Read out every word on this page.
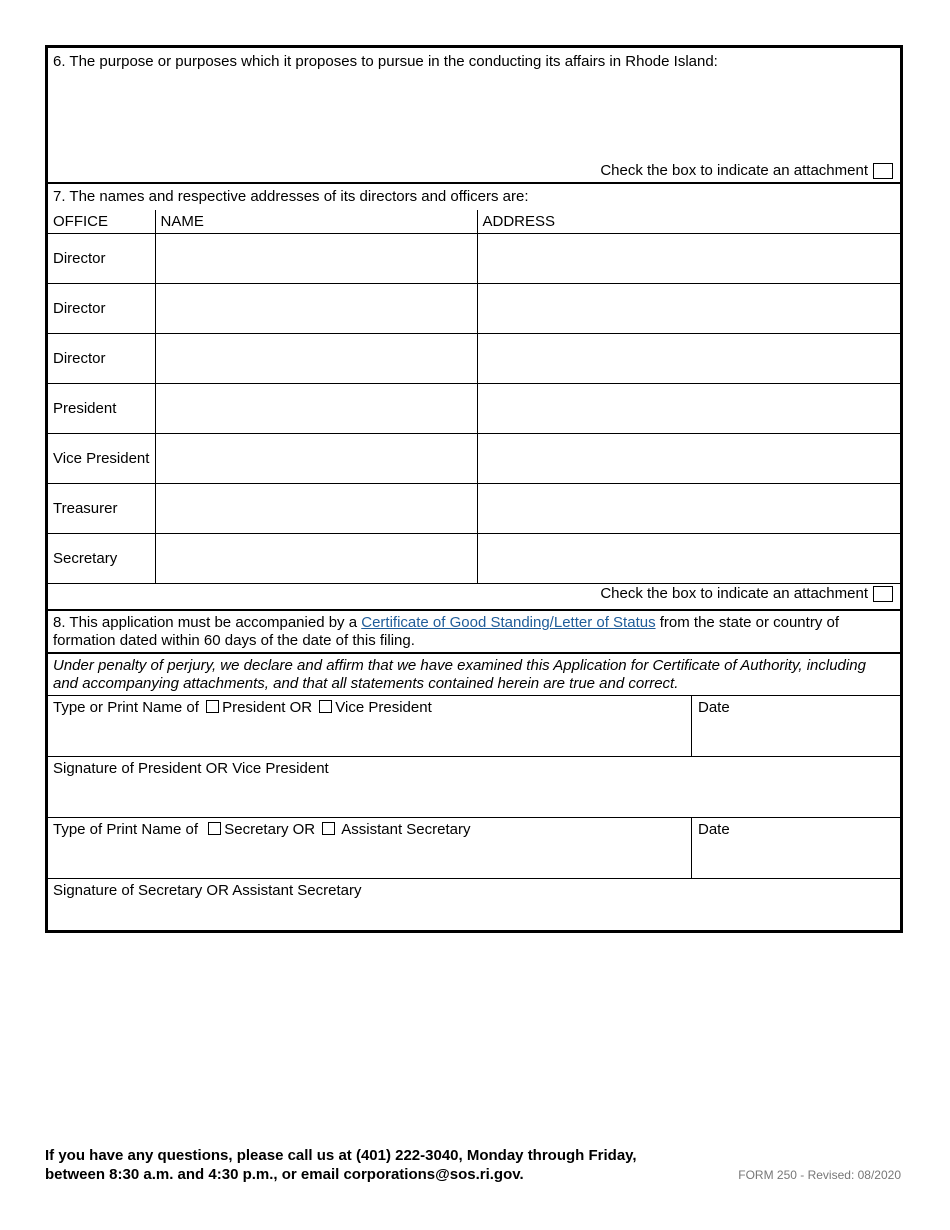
6. The purpose or purposes which it proposes to pursue in the conducting its affairs in Rhode Island:
Check the box to indicate an attachment
7. The names and respective addresses of its directors and officers are:
OFFICE	NAME	ADDRESS
Director		
Director		
Director		
President		
Vice President		
Treasurer		
Secretary		
Check the box to indicate an attachment
8. This application must be accompanied by a Certificate of Good Standing/Letter of Status from the state or country of formation dated within 60 days of the date of this filing.
Under penalty of perjury, we declare and affirm that we have examined this Application for Certificate of Authority, including and accompanying attachments, and that all statements contained herein are true and correct.
Type or Print Name of President OR Vice President	Date
Signature of President OR Vice President
Type of Print Name of Secretary OR Assistant Secretary	Date
Signature of Secretary OR Assistant Secretary
If you have any questions, please call us at (401) 222-3040, Monday through Friday,
between 8:30 a.m. and 4:30 p.m., or email corporations@sos.ri.gov.	FORM 250 - Revised: 08/2020
